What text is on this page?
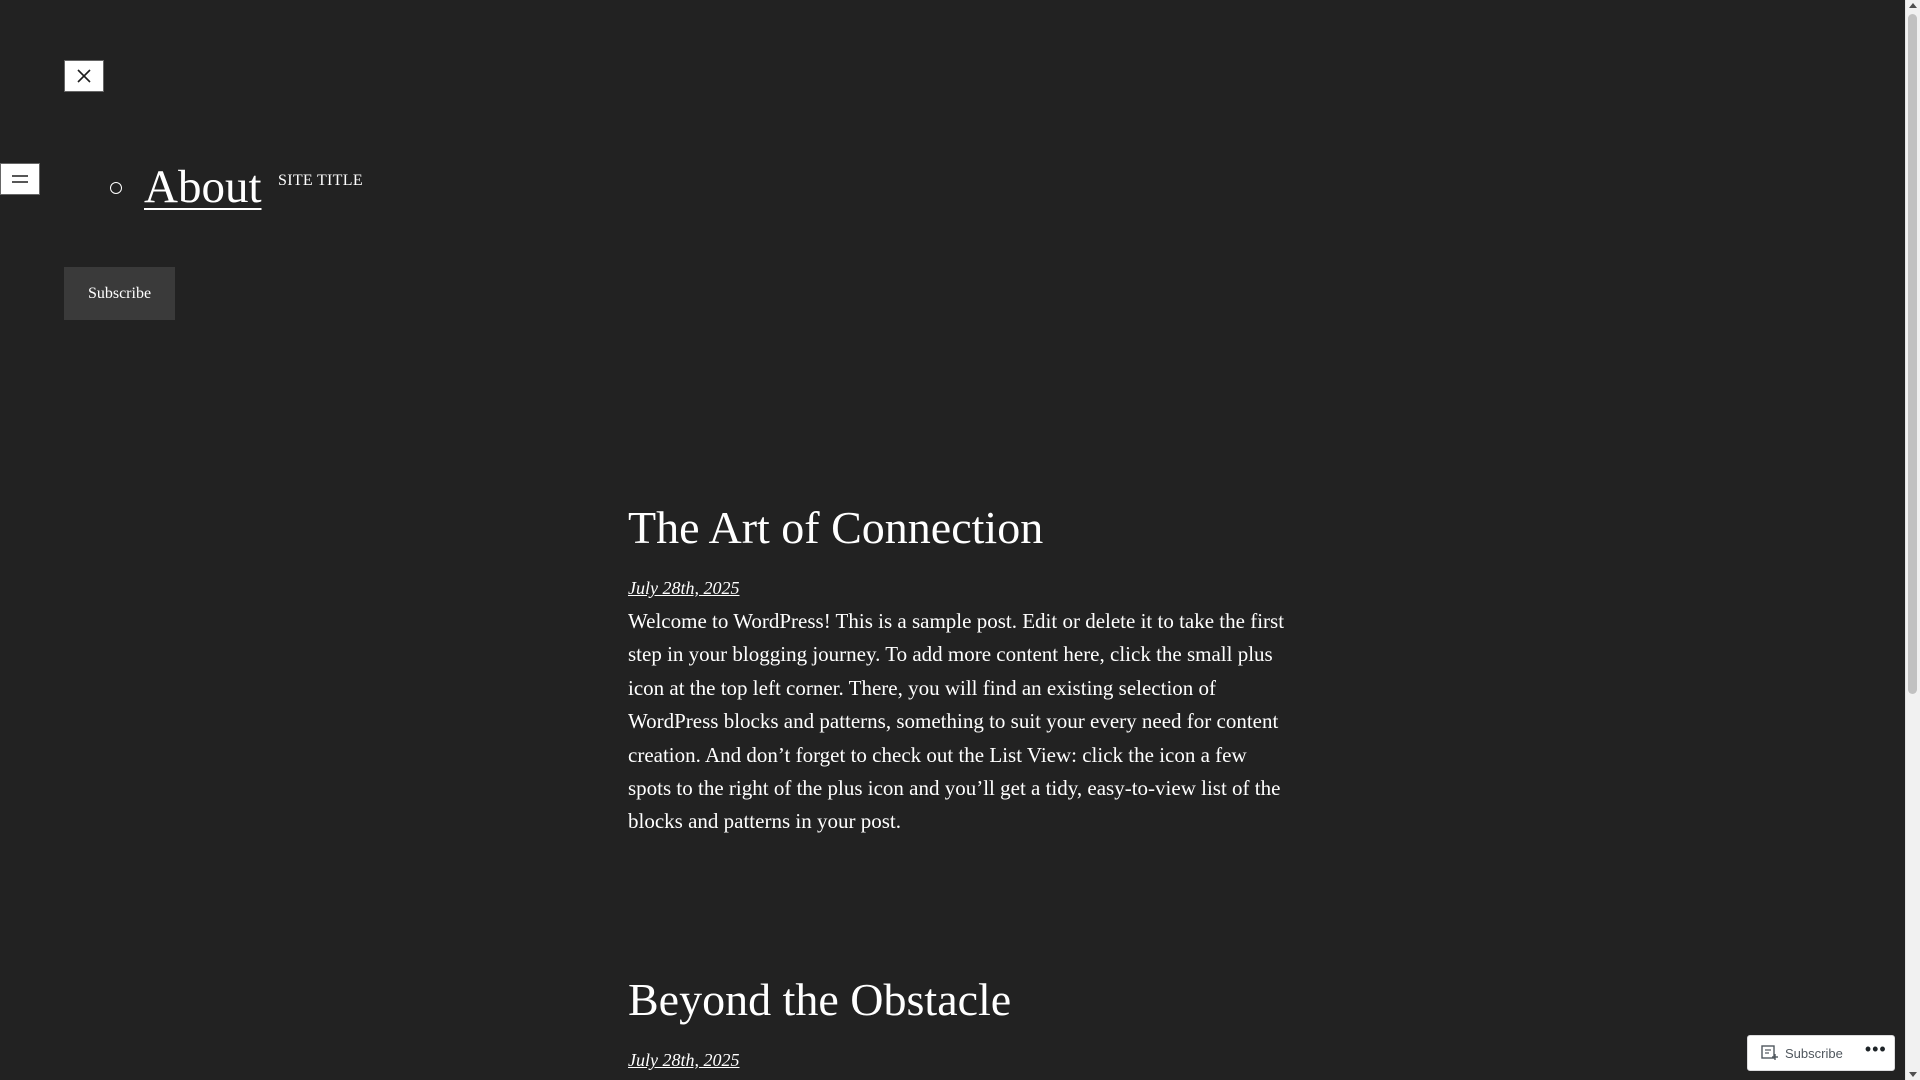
About SITE TITLE
Subscribe
The Art of Connection
July 28th, 2025

Welcome to WordPress! This is a sample post. Edit or delete it to take the first step in your blogging journey. To add more content here, click the small plus icon at the top left corner. There, you will find an existing selection of WordPress blocks and patterns, something to suit your every need for content creation. And don’t forget to check out the List View: click the icon a few spots to the right of the plus icon and you’ll get a tidy, easy-to-view list of the blocks and patterns in your post.

Beyond the Obstacle
July 28th, 2025	Subscribe •••
